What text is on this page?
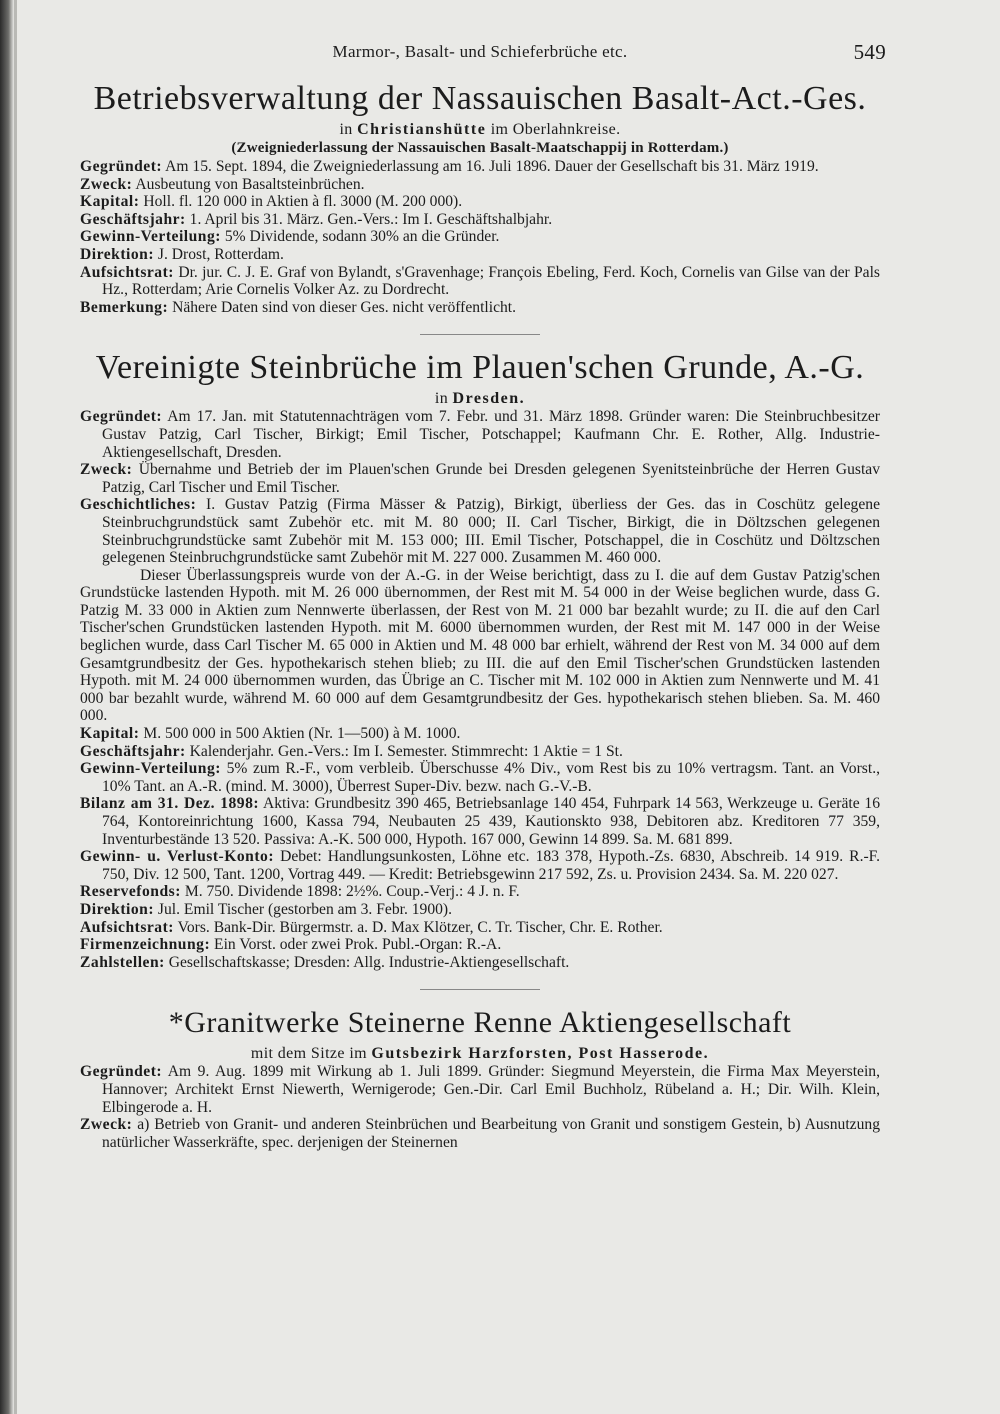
Marmor-, Basalt- und Schieferbrüche etc.	549
Betriebsverwaltung der Nassauischen Basalt-Act.-Ges.
in Christianshütte im Oberlahnkreise.
(Zweigniederlassung der Nassauischen Basalt-Maatschappij in Rotterdam.)

Gegründet: Am 15. Sept. 1894, die Zweigniederlassung am 16. Juli 1896. Dauer der Gesellschaft bis 31. März 1919.

Zweck: Ausbeutung von Basaltsteinbrüchen.

Kapital: Holl. fl. 120 000 in Aktien à fl. 3000 (M. 200 000).

Geschäftsjahr: 1. April bis 31. März. Gen.-Vers.: Im I. Geschäftshalbjahr.

Gewinn-Verteilung: 5% Dividende, sodann 30% an die Gründer.

Direktion: J. Drost, Rotterdam.

Aufsichtsrat: Dr. jur. C. J. E. Graf von Bylandt, s'Gravenhage; François Ebeling, Ferd. Koch, Cornelis van Gilse van der Pals Hz., Rotterdam; Arie Cornelis Volker Az. zu Dordrecht.

Bemerkung: Nähere Daten sind von dieser Ges. nicht veröffentlicht.

Vereinigte Steinbrüche im Plauen'schen Grunde, A.-G.
in Dresden.

Gegründet: Am 17. Jan. mit Statutennachträgen vom 7. Febr. und 31. März 1898. Gründer waren: Die Steinbruchbesitzer Gustav Patzig, Carl Tischer, Birkigt; Emil Tischer, Potschappel; Kaufmann Chr. E. Rother, Allg. Industrie-Aktiengesellschaft, Dresden.

Zweck: Übernahme und Betrieb der im Plauen'schen Grunde bei Dresden gelegenen Syenitsteinbrüche der Herren Gustav Patzig, Carl Tischer und Emil Tischer.

Geschichtliches: I. Gustav Patzig (Firma Mässer & Patzig), Birkigt, überliess der Ges. das in Coschütz gelegene Steinbruchgrundstück samt Zubehör etc. mit M. 80 000; II. Carl Tischer, Birkigt, die in Döltzschen gelegenen Steinbruchgrundstücke samt Zubehör mit M. 153 000; III. Emil Tischer, Potschappel, die in Coschütz und Döltzschen gelegenen Steinbruchgrundstücke samt Zubehör mit M. 227 000. Zusammen M. 460 000.

Dieser Überlassungspreis wurde von der A.-G. in der Weise berichtigt, dass zu I. die auf dem Gustav Patzig'schen Grundstücke lastenden Hypoth. mit M. 26 000 übernommen, der Rest mit M. 54 000 in der Weise beglichen wurde, dass G. Patzig M. 33 000 in Aktien zum Nennwerte überlassen, der Rest von M. 21 000 bar bezahlt wurde; zu II. die auf den Carl Tischer'schen Grundstücken lastenden Hypoth. mit M. 6000 übernommen wurden, der Rest mit M. 147 000 in der Weise beglichen wurde, dass Carl Tischer M. 65 000 in Aktien und M. 48 000 bar erhielt, während der Rest von M. 34 000 auf dem Gesamtgrundbesitz der Ges. hypothekarisch stehen blieb; zu III. die auf den Emil Tischer'schen Grundstücken lastenden Hypoth. mit M. 24 000 übernommen wurden, das Übrige an C. Tischer mit M. 102 000 in Aktien zum Nennwerte und M. 41 000 bar bezahlt wurde, während M. 60 000 auf dem Gesamtgrundbesitz der Ges. hypothekarisch stehen blieben. Sa. M. 460 000.

Kapital: M. 500 000 in 500 Aktien (Nr. 1—500) à M. 1000.

Geschäftsjahr: Kalenderjahr. Gen.-Vers.: Im I. Semester. Stimmrecht: 1 Aktie = 1 St.

Gewinn-Verteilung: 5% zum R.-F., vom verbleib. Überschusse 4% Div., vom Rest bis zu 10% vertragsm. Tant. an Vorst., 10% Tant. an A.-R. (mind. M. 3000), Überrest Super-Div. bezw. nach G.-V.-B.

Bilanz am 31. Dez. 1898: Aktiva: Grundbesitz 390 465, Betriebsanlage 140 454, Fuhrpark 14 563, Werkzeuge u. Geräte 16 764, Kontoreinrichtung 1600, Kassa 794, Neubauten 25 439, Kautionskto 938, Debitoren abz. Kreditoren 77 359, Inventurbestände 13 520. Passiva: A.-K. 500 000, Hypoth. 167 000, Gewinn 14 899. Sa. M. 681 899.

Gewinn- u. Verlust-Konto: Debet: Handlungsunkosten, Löhne etc. 183 378, Hypoth.-Zs. 6830, Abschreib. 14 919. R.-F. 750, Div. 12 500, Tant. 1200, Vortrag 449. — Kredit: Betriebsgewinn 217 592, Zs. u. Provision 2434. Sa. M. 220 027.

Reservefonds: M. 750. Dividende 1898: 2½%. Coup.-Verj.: 4 J. n. F.

Direktion: Jul. Emil Tischer (gestorben am 3. Febr. 1900).

Aufsichtsrat: Vors. Bank-Dir. Bürgermstr. a. D. Max Klötzer, C. Tr. Tischer, Chr. E. Rother.

Firmenzeichnung: Ein Vorst. oder zwei Prok. Publ.-Organ: R.-A.

Zahlstellen: Gesellschaftskasse; Dresden: Allg. Industrie-Aktiengesellschaft.

*Granitwerke Steinerne Renne Aktiengesellschaft
mit dem Sitze im Gutsbezirk Harzforsten, Post Hasserode.

Gegründet: Am 9. Aug. 1899 mit Wirkung ab 1. Juli 1899. Gründer: Siegmund Meyerstein, die Firma Max Meyerstein, Hannover; Architekt Ernst Niewerth, Wernigerode; Gen.-Dir. Carl Emil Buchholz, Rübeland a. H.; Dir. Wilh. Klein, Elbingerode a. H.

Zweck: a) Betrieb von Granit- und anderen Steinbrüchen und Bearbeitung von Granit und sonstigem Gestein, b) Ausnutzung natürlicher Wasserkräfte, spec. derjenigen der Steinernen
